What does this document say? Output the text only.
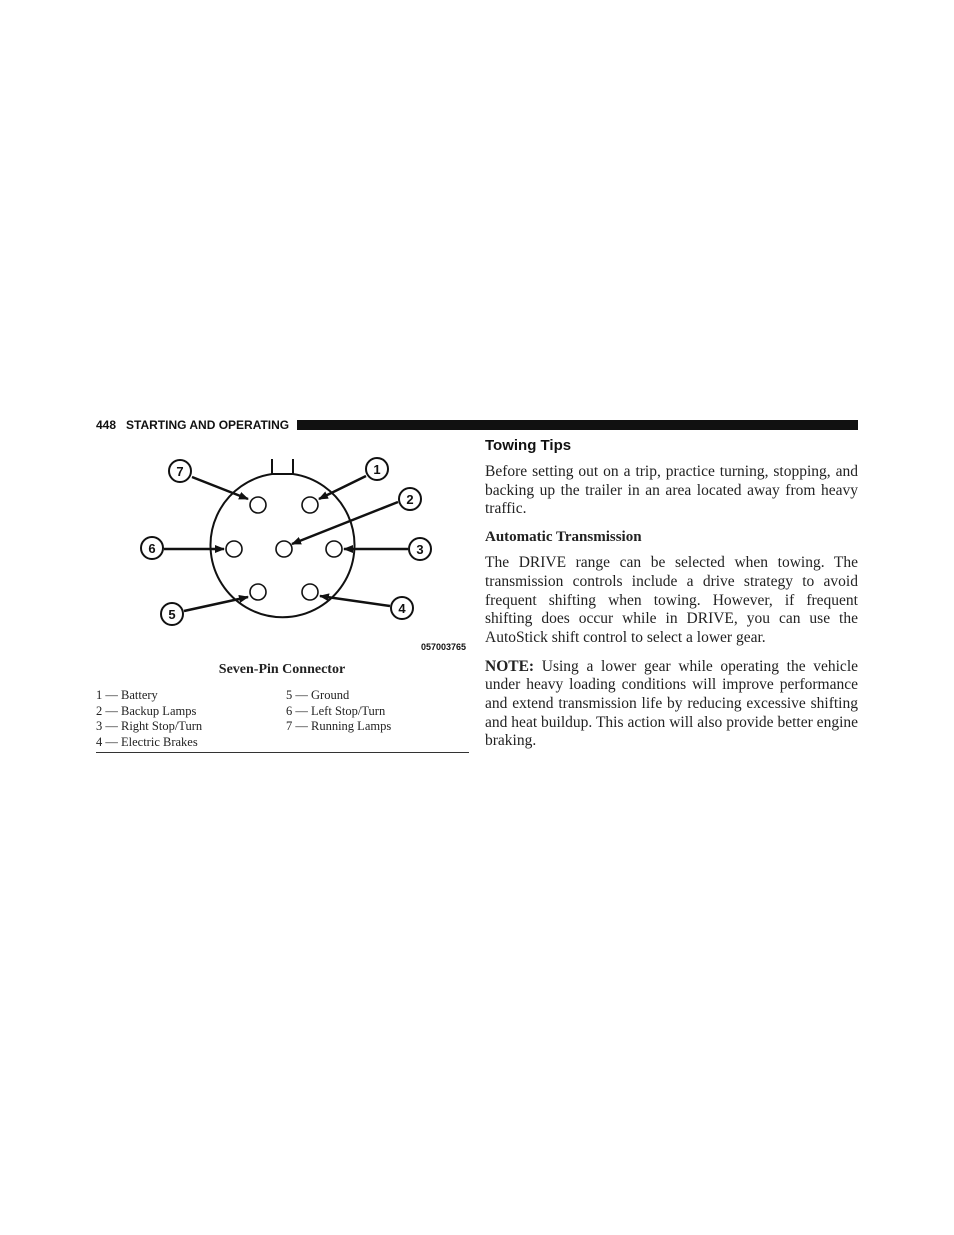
448 STARTING AND OPERATING
1
2
3
4
5
6
7
057003765
Seven-Pin Connector
1 — Battery
2 — Backup Lamps
3 — Right Stop/Turn
4 — Electric Brakes
5 — Ground
6 — Left Stop/Turn
7 — Running Lamps
Towing Tips

Before setting out on a trip, practice turning, stopping, and backing up the trailer in an area located away from heavy traffic.

Automatic Transmission

The DRIVE range can be selected when towing. The transmission controls include a drive strategy to avoid frequent shifting when towing. However, if frequent shifting does occur while in DRIVE, you can use the AutoStick shift control to select a lower gear.

NOTE: Using a lower gear while operating the vehicle under heavy loading conditions will improve performance and extend transmission life by reducing excessive shifting and heat buildup. This action will also provide better engine braking.
